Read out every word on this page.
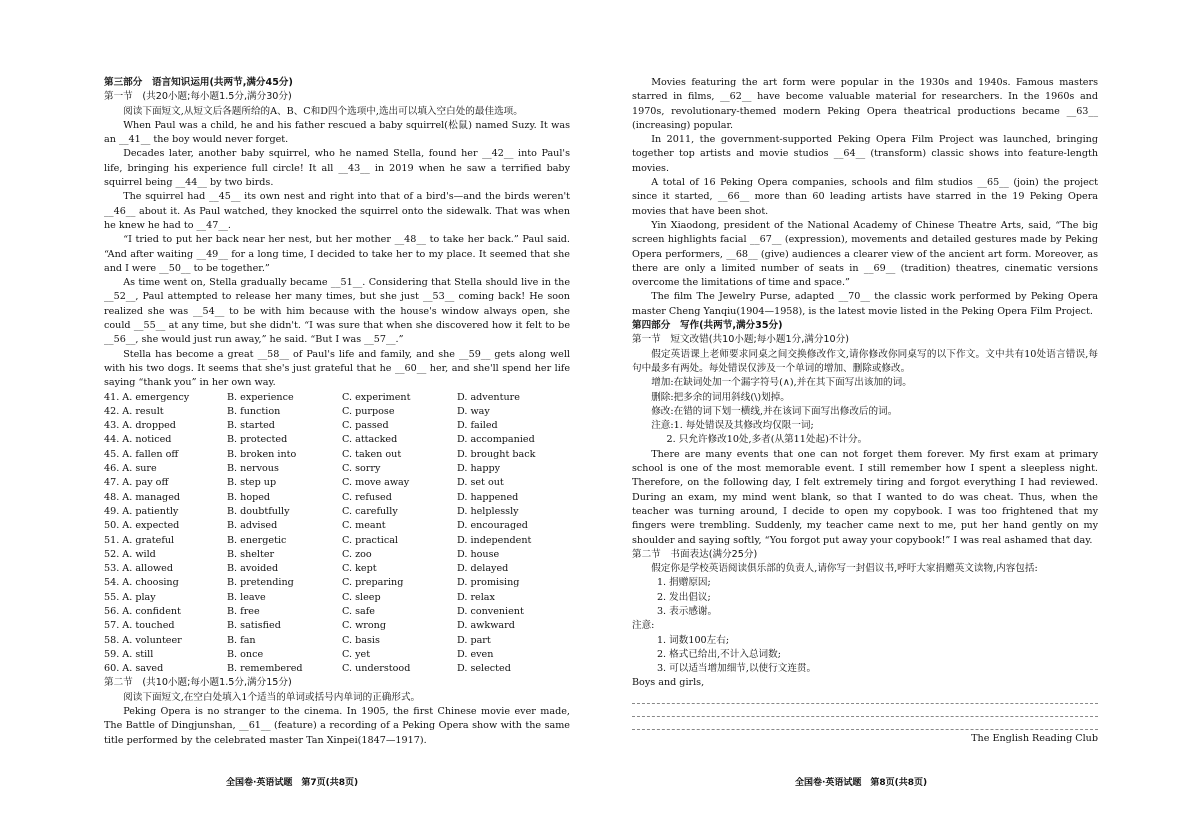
第三部分　语言知识运用(共两节,满分45分)

第一节　(共20小题;每小题1.5分,满分30分)

阅读下面短文,从短文后各题所给的A、B、C和D四个选项中,选出可以填入空白处的最佳选项。

When Paul was a child, he and his father rescued a baby squirrel(松鼠) named Suzy. It was an __41__ the boy would never forget.

Decades later, another baby squirrel, who he named Stella, found her __42__ into Paul's life, bringing his experience full circle! It all __43__ in 2019 when he saw a terrified baby squirrel being __44__ by two birds.

The squirrel had __45__ its own nest and right into that of a bird's—and the birds weren't __46__ about it. As Paul watched, they knocked the squirrel onto the sidewalk. That was when he knew he had to __47__.

“I tried to put her back near her nest, but her mother __48__ to take her back.” Paul said. “And after waiting __49__ for a long time, I decided to take her to my place. It seemed that she and I were __50__ to be together.”

As time went on, Stella gradually became __51__. Considering that Stella should live in the __52__, Paul attempted to release her many times, but she just __53__ coming back! He soon realized she was __54__ to be with him because with the house's window always open, she could __55__ at any time, but she didn't. “I was sure that when she discovered how it felt to be __56__, she would just run away,” he said. “But I was __57__.”

Stella has become a great __58__ of Paul's life and family, and she __59__ gets along well with his two dogs. It seems that she's just grateful that he __60__ her, and she'll spend her life saying “thank you” in her own way.

41. A. emergency	B. experience	C. experiment	D. adventure
42. A. result	B. function	C. purpose	D. way
43. A. dropped	B. started	C. passed	D. failed
44. A. noticed	B. protected	C. attacked	D. accompanied
45. A. fallen off	B. broken into	C. taken out	D. brought back
46. A. sure	B. nervous	C. sorry	D. happy
47. A. pay off	B. step up	C. move away	D. set out
48. A. managed	B. hoped	C. refused	D. happened
49. A. patiently	B. doubtfully	C. carefully	D. helplessly
50. A. expected	B. advised	C. meant	D. encouraged
51. A. grateful	B. energetic	C. practical	D. independent
52. A. wild	B. shelter	C. zoo	D. house
53. A. allowed	B. avoided	C. kept	D. delayed
54. A. choosing	B. pretending	C. preparing	D. promising
55. A. play	B. leave	C. sleep	D. relax
56. A. confident	B. free	C. safe	D. convenient
57. A. touched	B. satisfied	C. wrong	D. awkward
58. A. volunteer	B. fan	C. basis	D. part
59. A. still	B. once	C. yet	D. even
60. A. saved	B. remembered	C. understood	D. selected

第二节　(共10小题;每小题1.5分,满分15分)

阅读下面短文,在空白处填入1个适当的单词或括号内单词的正确形式。

Peking Opera is no stranger to the cinema. In 1905, the first Chinese movie ever made, The Battle of Dingjunshan, __61__ (feature) a recording of a Peking Opera show with the same title performed by the celebrated master Tan Xinpei(1847—1917).

Movies featuring the art form were popular in the 1930s and 1940s. Famous masters starred in films, __62__ have become valuable material for researchers. In the 1960s and 1970s, revolutionary-themed modern Peking Opera theatrical productions became __63__ (increasing) popular.

In 2011, the government-supported Peking Opera Film Project was launched, bringing together top artists and movie studios __64__ (transform) classic shows into feature-length movies.

A total of 16 Peking Opera companies, schools and film studios __65__ (join) the project since it started, __66__ more than 60 leading artists have starred in the 19 Peking Opera movies that have been shot.

Yin Xiaodong, president of the National Academy of Chinese Theatre Arts, said, “The big screen highlights facial __67__ (expression), movements and detailed gestures made by Peking Opera performers, __68__ (give) audiences a clearer view of the ancient art form. Moreover, as there are only a limited number of seats in __69__ (tradition) theatres, cinematic versions overcome the limitations of time and space.”

The film The Jewelry Purse, adapted __70__ the classic work performed by Peking Opera master Cheng Yanqiu(1904—1958), is the latest movie listed in the Peking Opera Film Project.

第四部分　写作(共两节,满分35分)

第一节　短文改错(共10小题;每小题1分,满分10分)

假定英语课上老师要求同桌之间交换修改作文,请你修改你同桌写的以下作文。文中共有10处语言错误,每句中最多有两处。每处错误仅涉及一个单词的增加、删除或修改。

增加:在缺词处加一个漏字符号(∧),并在其下面写出该加的词。

删除:把多余的词用斜线(\)划掉。

修改:在错的词下划一横线,并在该词下面写出修改后的词。

注意:1. 每处错误及其修改均仅限一词;

2. 只允许修改10处,多者(从第11处起)不计分。

There are many events that one can not forget them forever. My first exam at primary school is one of the most memorable event. I still remember how I spent a sleepless night. Therefore, on the following day, I felt extremely tiring and forgot everything I had reviewed. During an exam, my mind went blank, so that I wanted to do was cheat. Thus, when the teacher was turning around, I decide to open my copybook. I was too frightened that my fingers were trembling. Suddenly, my teacher came next to me, put her hand gently on my shoulder and saying softly, “You forgot put away your copybook!” I was real ashamed that day.

第二节　书面表达(满分25分)

假定你是学校英语阅读俱乐部的负责人,请你写一封倡议书,呼吁大家捐赠英文读物,内容包括:

1. 捐赠原因;

2. 发出倡议;

3. 表示感谢。

注意:

1. 词数100左右;

2. 格式已给出,不计入总词数;

3. 可以适当增加细节,以使行文连贯。

Boys and girls,

The English Reading Club

全国卷·英语试题　第7页(共8页)	全国卷·英语试题　第8页(共8页)
